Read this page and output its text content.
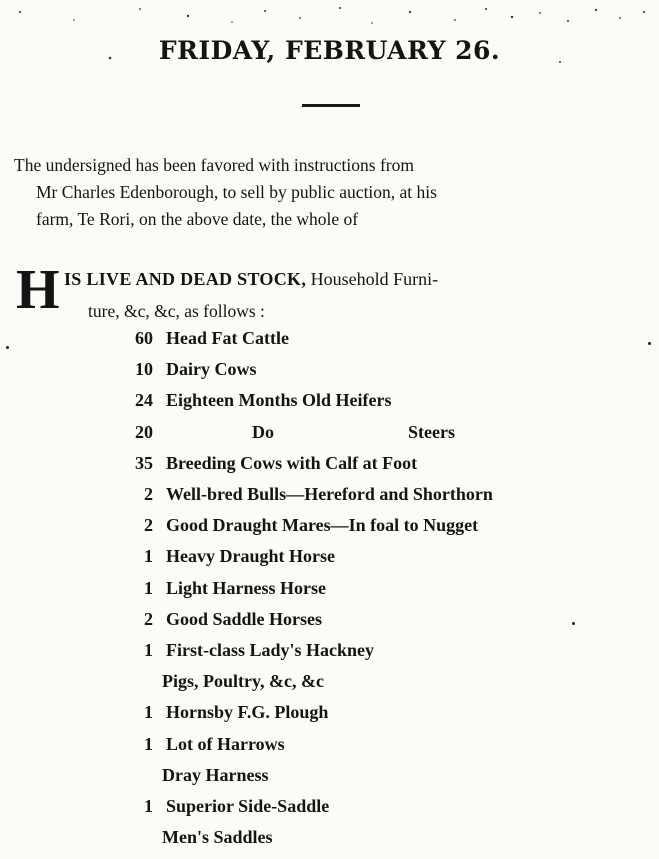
FRIDAY, FEBRUARY 26.
The undersigned has been favored with instructions from
Mr Charles Edenborough, to sell by public auction, at his
farm, Te Rori, on the above date, the whole of
H IS LIVE AND DEAD STOCK, Household Furni-
ture, &c, &c, as follows :
60 Head Fat Cattle
10 Dairy Cows
24 Eighteen Months Old Heifers
20	Do	Steers
35 Breeding Cows with Calf at Foot
2 Well-bred Bulls—Hereford and Shorthorn
2 Good Draught Mares—In foal to Nugget
1 Heavy Draught Horse
1 Light Harness Horse
2 Good Saddle Horses
1 First-class Lady's Hackney
Pigs, Poultry, &c, &c
1 Hornsby F.G. Plough
1 Lot of Harrows
Dray Harness
1 Superior Side-Saddle
Men's Saddles
